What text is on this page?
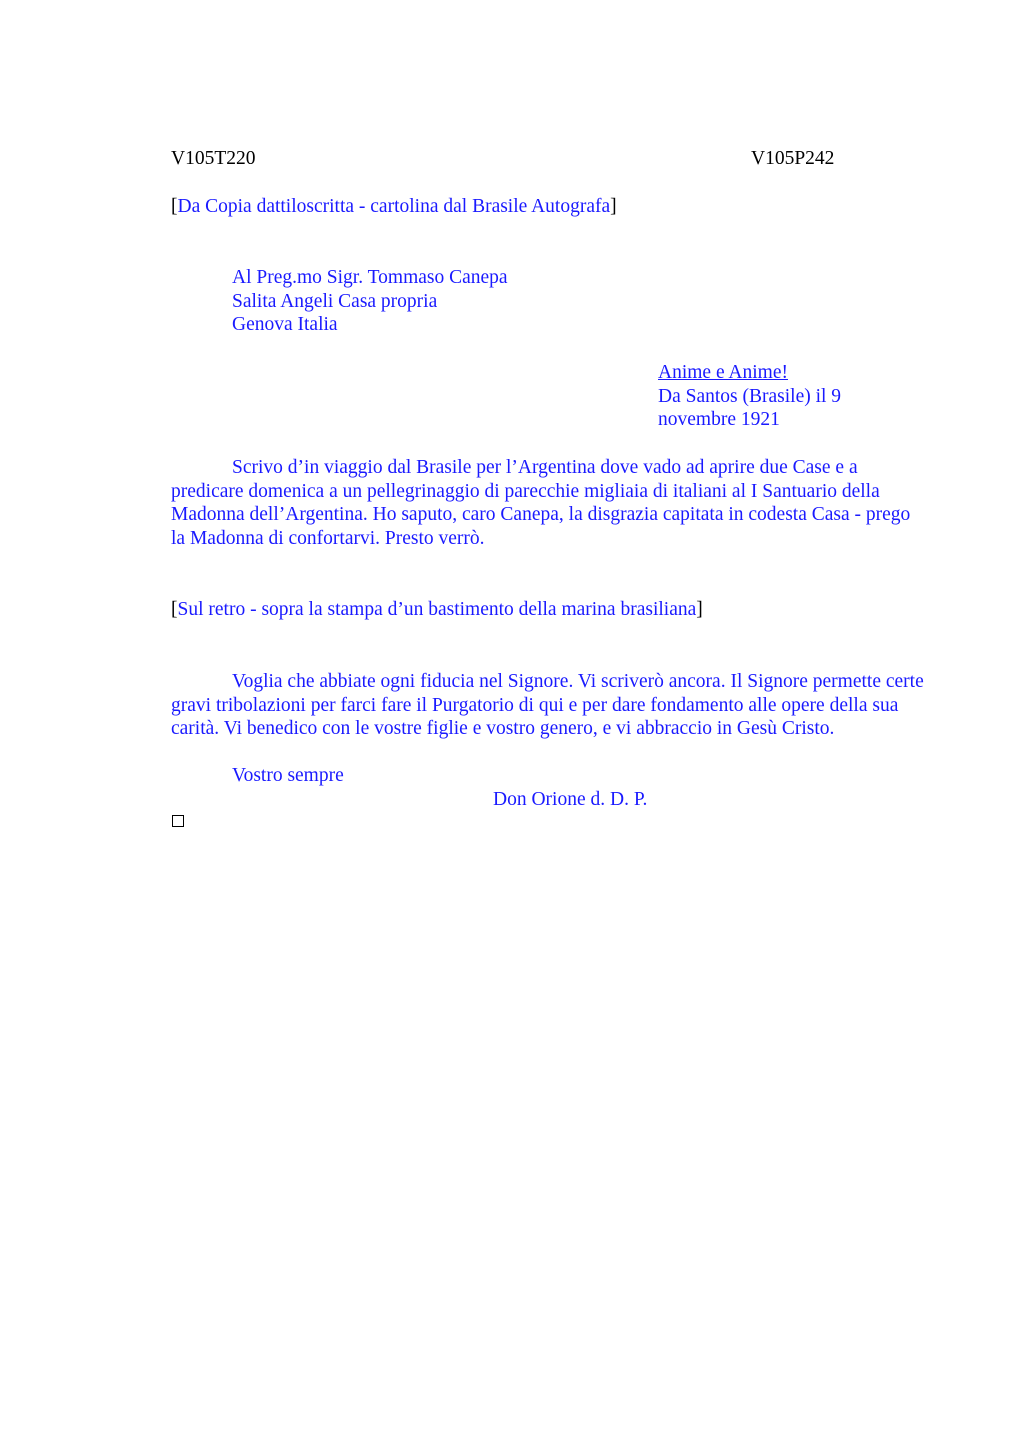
V105T220	V105P242
[Da Copia dattiloscritta - cartolina dal Brasile Autografa]
Al Preg.mo Sigr. Tommaso Canepa
Salita Angeli Casa propria
Genova Italia
Anime e Anime!
Da Santos (Brasile) il 9 novembre 1921

Scrivo d’in viaggio dal Brasile per l’Argentina dove vado ad aprire due Case e a predicare domenica a un pellegrinaggio di parecchie migliaia di italiani al I Santuario della Madonna dell’Argentina. Ho saputo, caro Canepa, la disgrazia capitata in codesta Casa - prego la Madonna di confortarvi. Presto verrò.

[Sul retro - sopra la stampa d’un bastimento della marina brasiliana]

Voglia che abbiate ogni fiducia nel Signore. Vi scriverò ancora. Il Signore permette certe gravi tribolazioni per farci fare il Purgatorio di qui e per dare fondamento alle opere della sua carità. Vi benedico con le vostre figlie e vostro genero, e vi abbraccio in Gesù Cristo.

Vostro sempre
Don Orione d. D. P.
